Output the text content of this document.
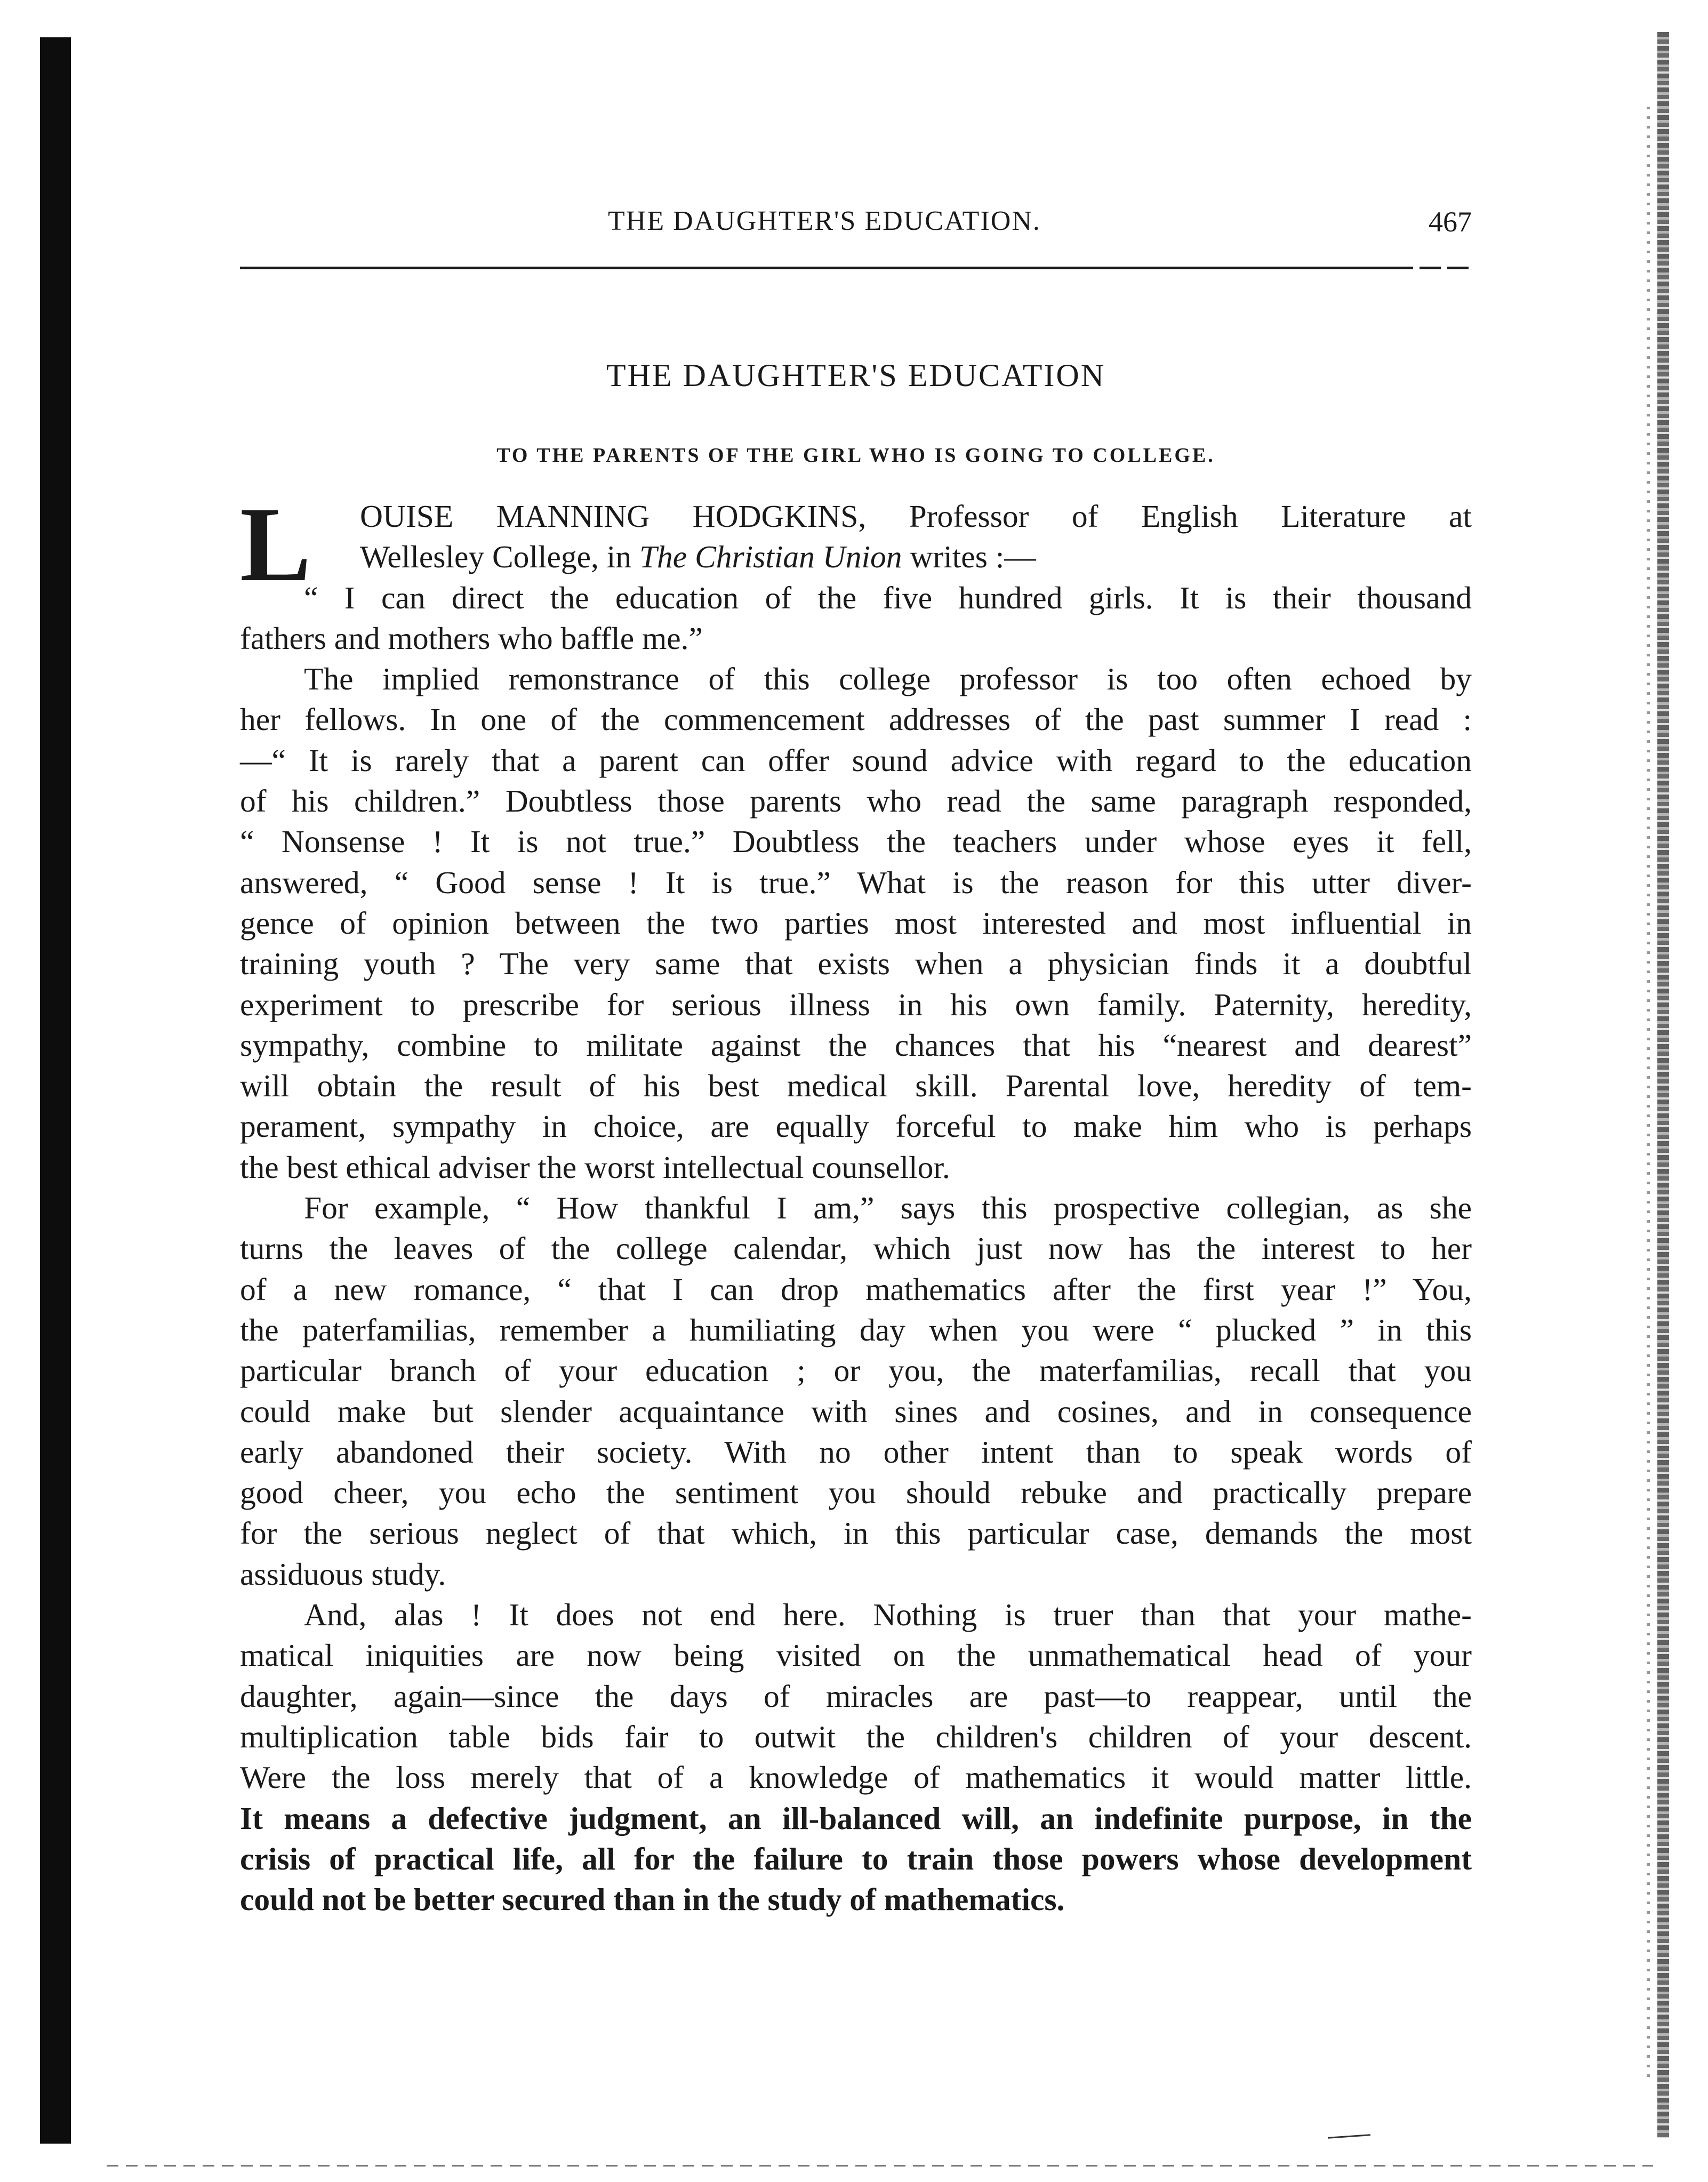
THE DAUGHTER'S EDUCATION.	467
THE DAUGHTER'S EDUCATION
TO THE PARENTS OF THE GIRL WHO IS GOING TO COLLEGE.
L	OUISE MANNING HODGKINS, Professor of English Literature at
Wellesley College, in The Christian Union writes :—
“ I can direct the education of the five hundred girls. It is their thousand
fathers and mothers who baffle me.”
The implied remonstrance of this college professor is too often echoed by
her fellows. In one of the commencement addresses of the past summer I read :
—“ It is rarely that a parent can offer sound advice with regard to the education
of his children.” Doubtless those parents who read the same paragraph responded,
“ Nonsense ! It is not true.” Doubtless the teachers under whose eyes it fell,
answered, “ Good sense ! It is true.” What is the reason for this utter diver-
gence of opinion between the two parties most interested and most influential in
training youth ? The very same that exists when a physician finds it a doubtful
experiment to prescribe for serious illness in his own family. Paternity, heredity,
sympathy, combine to militate against the chances that his “nearest and dearest”
will obtain the result of his best medical skill. Parental love, heredity of tem-
perament, sympathy in choice, are equally forceful to make him who is perhaps
the best ethical adviser the worst intellectual counsellor.
For example, “ How thankful I am,” says this prospective collegian, as she
turns the leaves of the college calendar, which just now has the interest to her
of a new romance, “ that I can drop mathematics after the first year !” You,
the paterfamilias, remember a humiliating day when you were “ plucked ” in this
particular branch of your education ; or you, the materfamilias, recall that you
could make but slender acquaintance with sines and cosines, and in consequence
early abandoned their society. With no other intent than to speak words of
good cheer, you echo the sentiment you should rebuke and practically prepare
for the serious neglect of that which, in this particular case, demands the most
assiduous study.
And, alas ! It does not end here. Nothing is truer than that your mathe-
matical iniquities are now being visited on the unmathematical head of your
daughter, again—since the days of miracles are past—to reappear, until the
multiplication table bids fair to outwit the children's children of your descent.
Were the loss merely that of a knowledge of mathematics it would matter little.
It means a defective judgment, an ill-balanced will, an indefinite purpose, in the
crisis of practical life, all for the failure to train those powers whose development
could not be better secured than in the study of mathematics.
